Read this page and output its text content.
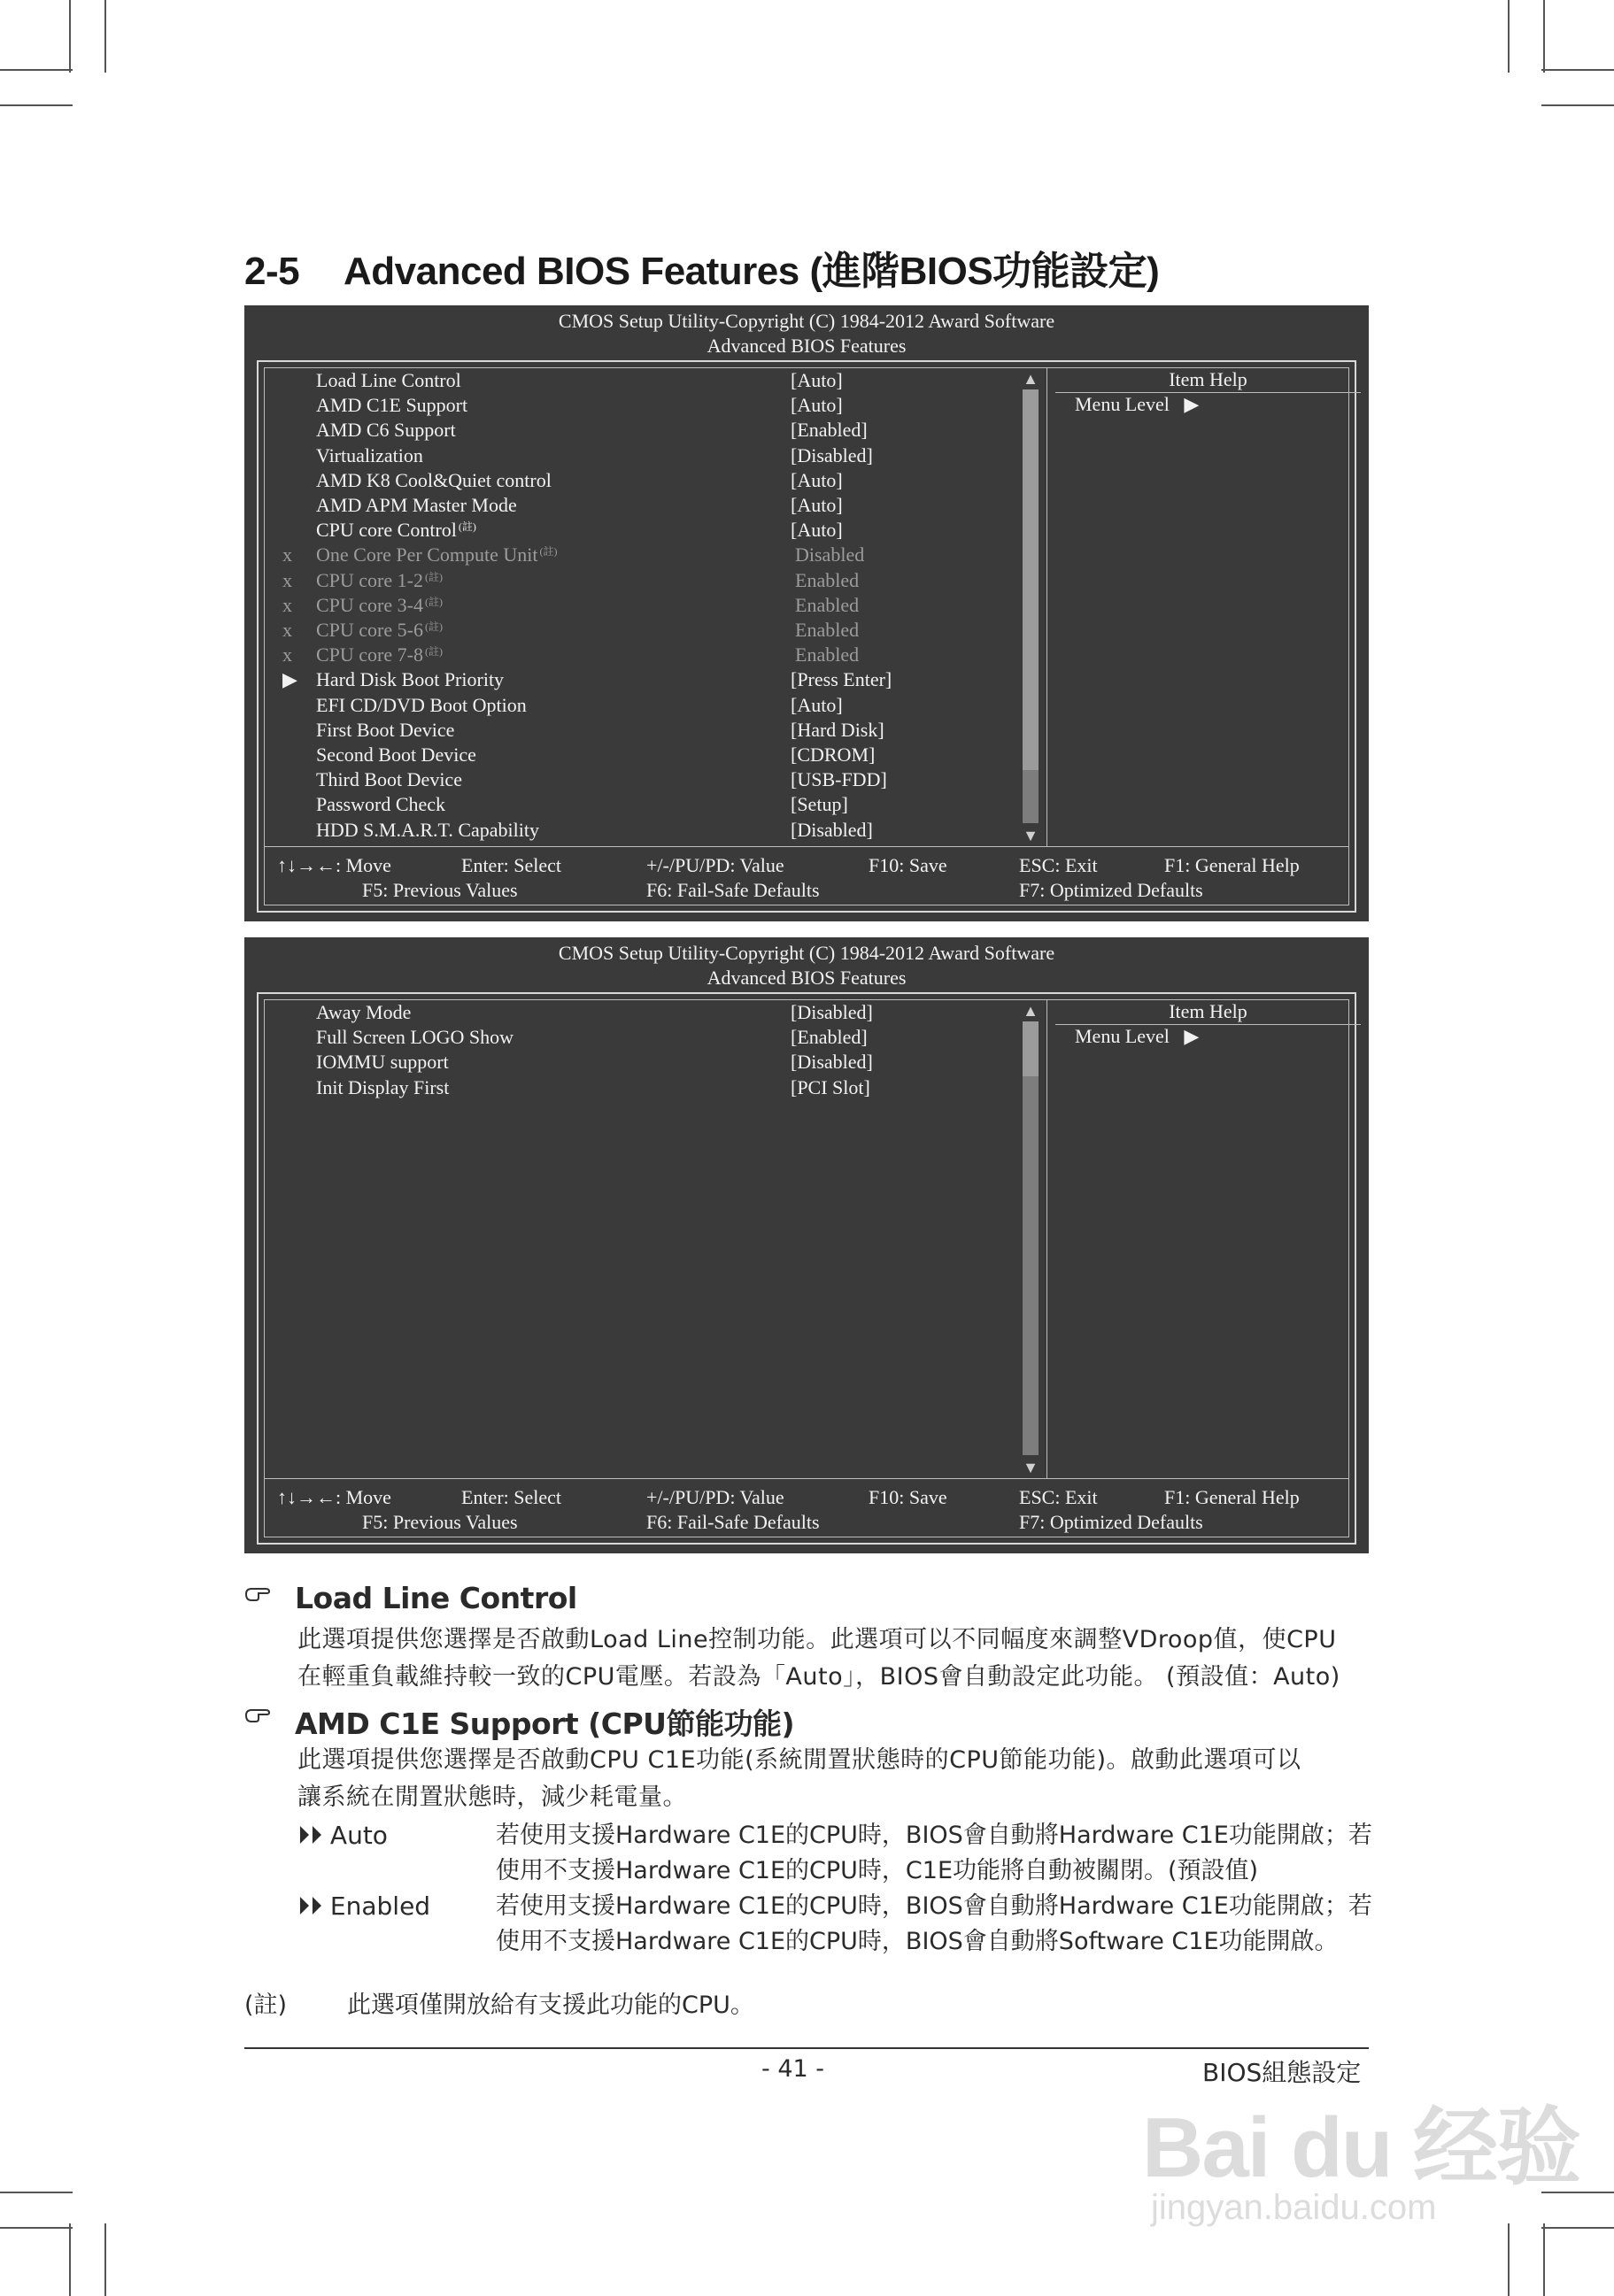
2-5 Advanced BIOS Features (進階BIOS功能設定)
CMOS Setup Utility-Copyright (C) 1984-2012 Award Software
Advanced BIOS Features
Load Line Control	[Auto]
AMD C1E Support	[Auto]
AMD C6 Support	[Enabled]
Virtualization	[Disabled]
AMD K8 Cool&Quiet control	[Auto]
AMD APM Master Mode	[Auto]
CPU core Control $^{(註)}$	[Auto]
x	One Core Per Compute Unit $^{(註)}$	Disabled
x	CPU core 1-2 $^{(註)}$	Enabled
x	CPU core 3-4 $^{(註)}$	Enabled
x	CPU core 5-6 $^{(註)}$	Enabled
x	CPU core 7-8 $^{(註)}$	Enabled
▶ Hard Disk Boot Priority	[Press Enter]
EFI CD/DVD Boot Option	[Auto]
First Boot Device	[Hard Disk]
Second Boot Device	[CDROM]
Third Boot Device	[USB-FDD]
Password Check	[Setup]
HDD S.M.A.R.T. Capability	[Disabled]
▲
▼
Item Help
Menu Level ▶
↑↓→←: Move	Enter: Select	+/-/PU/PD: Value	F10: Save	ESC: Exit	F1: General Help
F5: Previous Values	F6: Fail-Safe Defaults	F7: Optimized Defaults
CMOS Setup Utility-Copyright (C) 1984-2012 Award Software
Advanced BIOS Features
Away Mode	[Disabled]
Full Screen LOGO Show	[Enabled]
IOMMU support	[Disabled]
Init Display First	[PCI Slot]
▲
▼
Item Help
Menu Level ▶
↑↓→←: Move	Enter: Select	+/-/PU/PD: Value	F10: Save	ESC: Exit	F1: General Help
F5: Previous Values	F6: Fail-Safe Defaults	F7: Optimized Defaults
Load Line Control
此選項提供您選擇是否啟動Load Line控制功能。此選項可以不同幅度來調整VDroop值，使CPU
在輕重負載維持較一致的CPU電壓。若設為「Auto」，BIOS會自動設定此功能。 (預設值：Auto)
AMD C1E Support (CPU節能功能)
此選項提供您選擇是否啟動CPU C1E功能(系統閒置狀態時的CPU節能功能)。啟動此選項可以
讓系統在閒置狀態時，減少耗電量。
⏵⏵ Auto	若使用支援Hardware C1E的CPU時，BIOS會自動將Hardware C1E功能開啟；若
使用不支援Hardware C1E的CPU時，C1E功能將自動被關閉。(預設值)
⏵⏵ Enabled	若使用支援Hardware C1E的CPU時，BIOS會自動將Hardware C1E功能開啟；若
使用不支援Hardware C1E的CPU時，BIOS會自動將Software C1E功能開啟。
(註)	此選項僅開放給有支援此功能的CPU。
- 41 -	BIOS組態設定
Bai du 经验
jingyan.baidu.com
